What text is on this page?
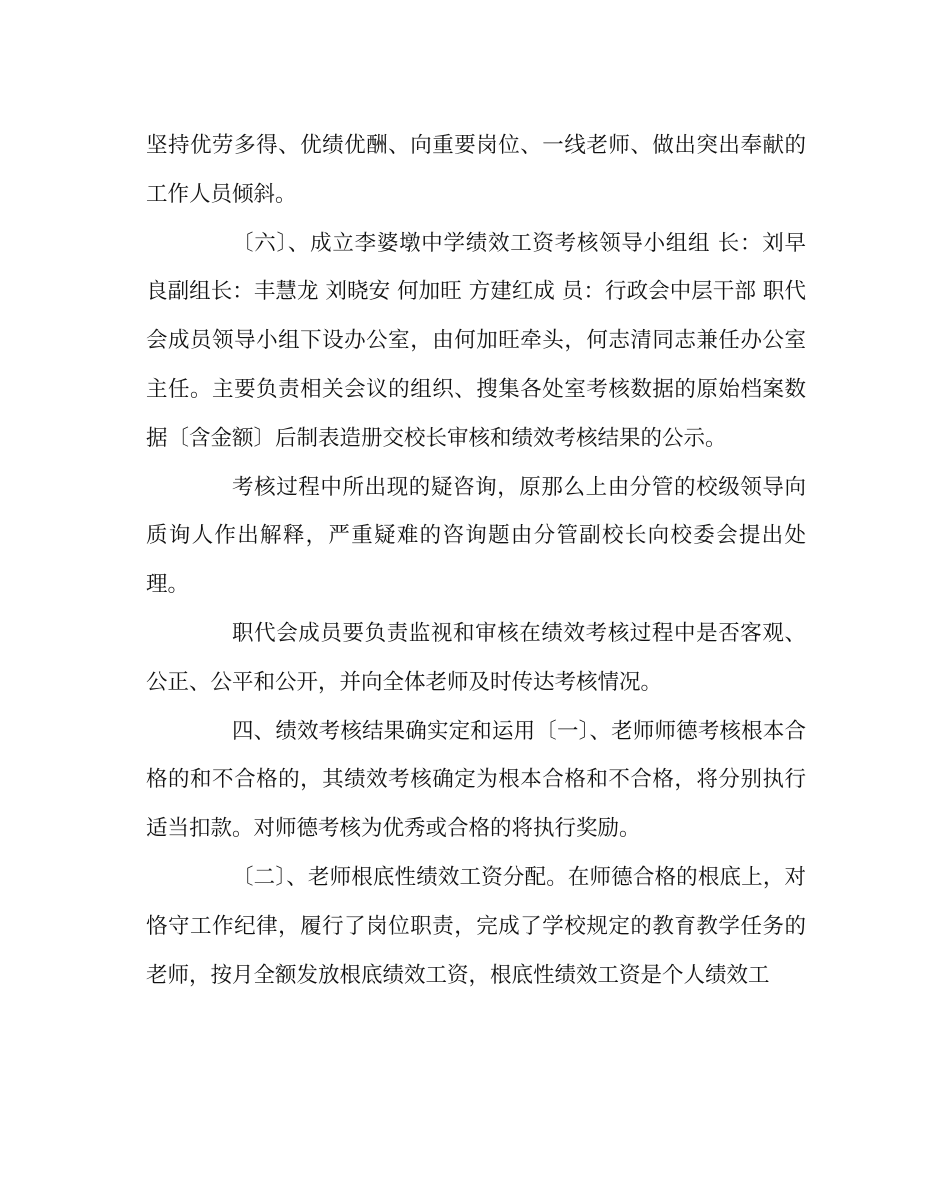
坚持优劳多得、优绩优酬、向重要岗位、一线老师、做出突出奉献的工作人员倾斜。

〔六〕、成立李婆墩中学绩效工资考核领导小组组 长：刘早良副组长：丰慧龙 刘晓安 何加旺 方建红成 员：行政会中层干部 职代会成员领导小组下设办公室，由何加旺牵头，何志清同志兼任办公室主任。主要负责相关会议的组织、搜集各处室考核数据的原始档案数据〔含金额〕后制表造册交校长审核和绩效考核结果的公示。

考核过程中所出现的疑咨询，原那么上由分管的校级领导向质询人作出解释，严重疑难的咨询题由分管副校长向校委会提出处理。

职代会成员要负责监视和审核在绩效考核过程中是否客观、公正、公平和公开，并向全体老师及时传达考核情况。

四、绩效考核结果确实定和运用〔一〕、老师师德考核根本合格的和不合格的，其绩效考核确定为根本合格和不合格，将分别执行适当扣款。对师德考核为优秀或合格的将执行奖励。

〔二〕、老师根底性绩效工资分配。在师德合格的根底上，对恪守工作纪律，履行了岗位职责，完成了学校规定的教育教学任务的老师，按月全额发放根底绩效工资，根底性绩效工资是个人绩效工
